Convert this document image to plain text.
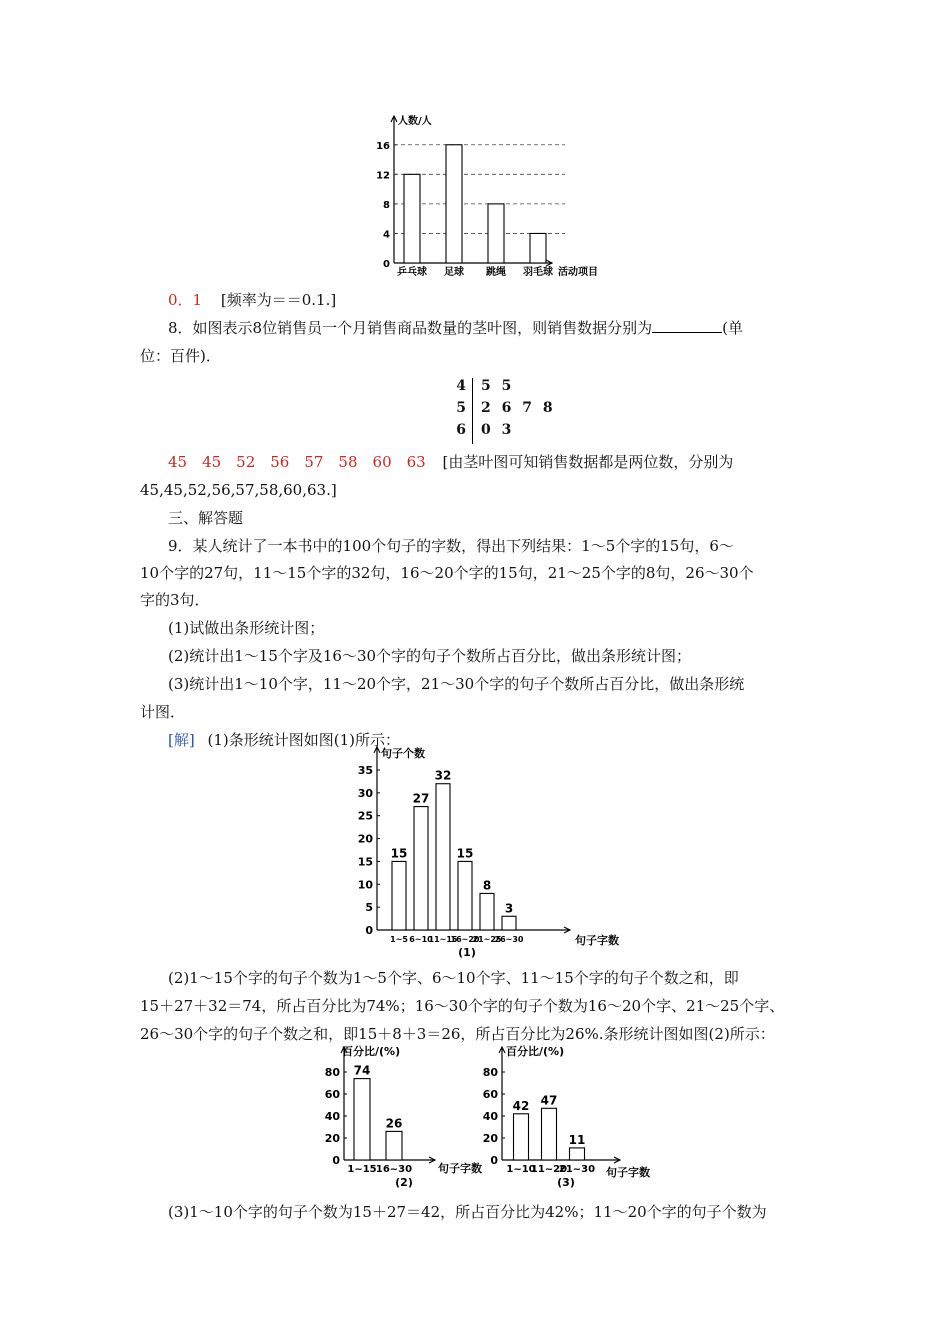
人数/人
0
4
8
12
16
乒乓球 足球 跳绳 羽毛球 活动项目
0．1 [频率为＝＝0.1.]
8．如图表示8位销售员一个月销售商品数量的茎叶图，则销售数据分别为	(单
位：百件)．
4	5 5
5	2 6 7 8
6	0 3
45　45　52　56　57　58　60　63 [由茎叶图可知销售数据都是两位数，分别为
45,45,52,56,57,58,60,63.]
三、解答题
9．某人统计了一本书中的100个句子的字数，得出下列结果：1～5个字的15句，6～
10个字的27句，11～15个字的32句，16～20个字的15句，21～25个字的8句，26～30个
字的3句．
(1)试做出条形统计图；
(2)统计出1～15个字及16～30个字的句子个数所占百分比，做出条形统计图；
(3)统计出1～10个字，11～20个字，21～30个字的句子个数所占百分比，做出条形统
计图．
[解] (1)条形统计图如图(1)所示：
句子个数
0
5
10
15
20
25
30
35
15
1~5
27
6~10
32
11~15
15
16~20
8
21~25
3
26~30	句子字数
(1)
(2)1～15个字的句子个数为1～5个字、6～10个字、11～15个字的句子个数之和，即
15＋27＋32＝74，所占百分比为74%；16～30个字的句子个数为16～20个字、21～25个字、
26～30个字的句子个数之和，即15＋8＋3＝26，所占百分比为26%.条形统计图如图(2)所示：
百分比/(%)
0
20
40
60
80 74
1~15
26
16~30 句子字数
(2)
百分比/(%)
0
20
40
60
80
42
1~10
47
11~20
11
21~30 句子字数
(3)
(3)1～10个字的句子个数为15＋27＝42，所占百分比为42%；11～20个字的句子个数为
